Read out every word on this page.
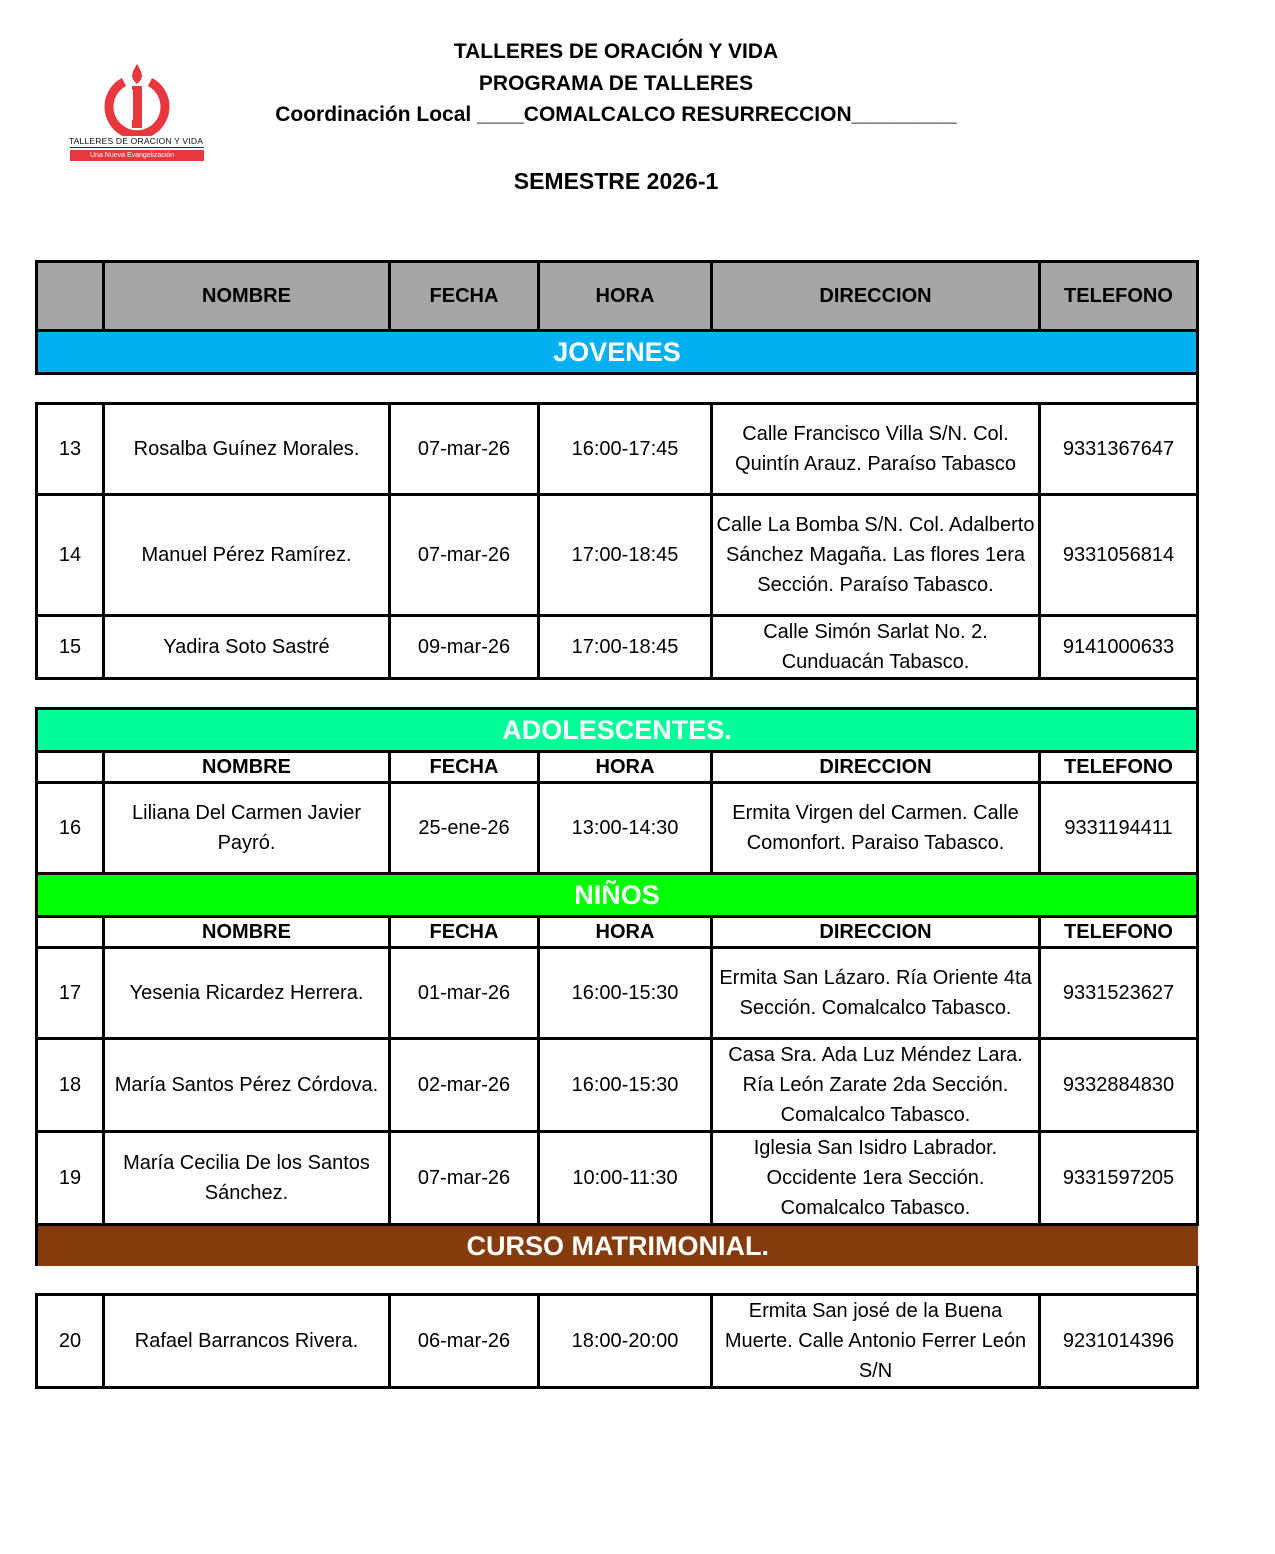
TALLERES DE ORACION Y VIDA
Una Nueva Evangelización
TALLERES DE ORACIÓN Y VIDA
PROGRAMA DE TALLERES
Coordinación Local ____COMALCALCO RESURRECCION_________
SEMESTRE 2026-1
	NOMBRE	FECHA	HORA	DIRECCION	TELEFONO
JOVENES					

13	Rosalba Guínez Morales.	07-mar-26	16:00-17:45	Calle Francisco Villa S/N. Col. Quintín Arauz. Paraíso Tabasco	9331367647
14	Manuel Pérez Ramírez.	07-mar-26	17:00-18:45	Calle La Bomba S/N. Col. Adalberto Sánchez Magaña. Las flores 1era Sección. Paraíso Tabasco.	9331056814
15	Yadira Soto Sastré	09-mar-26	17:00-18:45	Calle Simón Sarlat No. 2. Cunduacán Tabasco.	9141000633

ADOLESCENTES.					
	NOMBRE	FECHA	HORA	DIRECCION	TELEFONO
16	Liliana Del Carmen Javier Payró.	25-ene-26	13:00-14:30	Ermita Virgen del Carmen. Calle Comonfort. Paraiso Tabasco.	9331194411
NIÑOS					
	NOMBRE	FECHA	HORA	DIRECCION	TELEFONO
17	Yesenia Ricardez Herrera.	01-mar-26	16:00-15:30	Ermita San Lázaro. Ría Oriente 4ta Sección. Comalcalco Tabasco.	9331523627
18	María Santos Pérez Córdova.	02-mar-26	16:00-15:30	Casa Sra. Ada Luz Méndez Lara. Ría León Zarate 2da Sección. Comalcalco Tabasco.	9332884830
19	María Cecilia De los Santos Sánchez.	07-mar-26	10:00-11:30	Iglesia San Isidro Labrador. Occidente 1era Sección. Comalcalco Tabasco.	9331597205
CURSO MATRIMONIAL.					

20	Rafael Barrancos Rivera.	06-mar-26	18:00-20:00	Ermita San josé de la Buena Muerte. Calle Antonio Ferrer León S/N	9231014396
